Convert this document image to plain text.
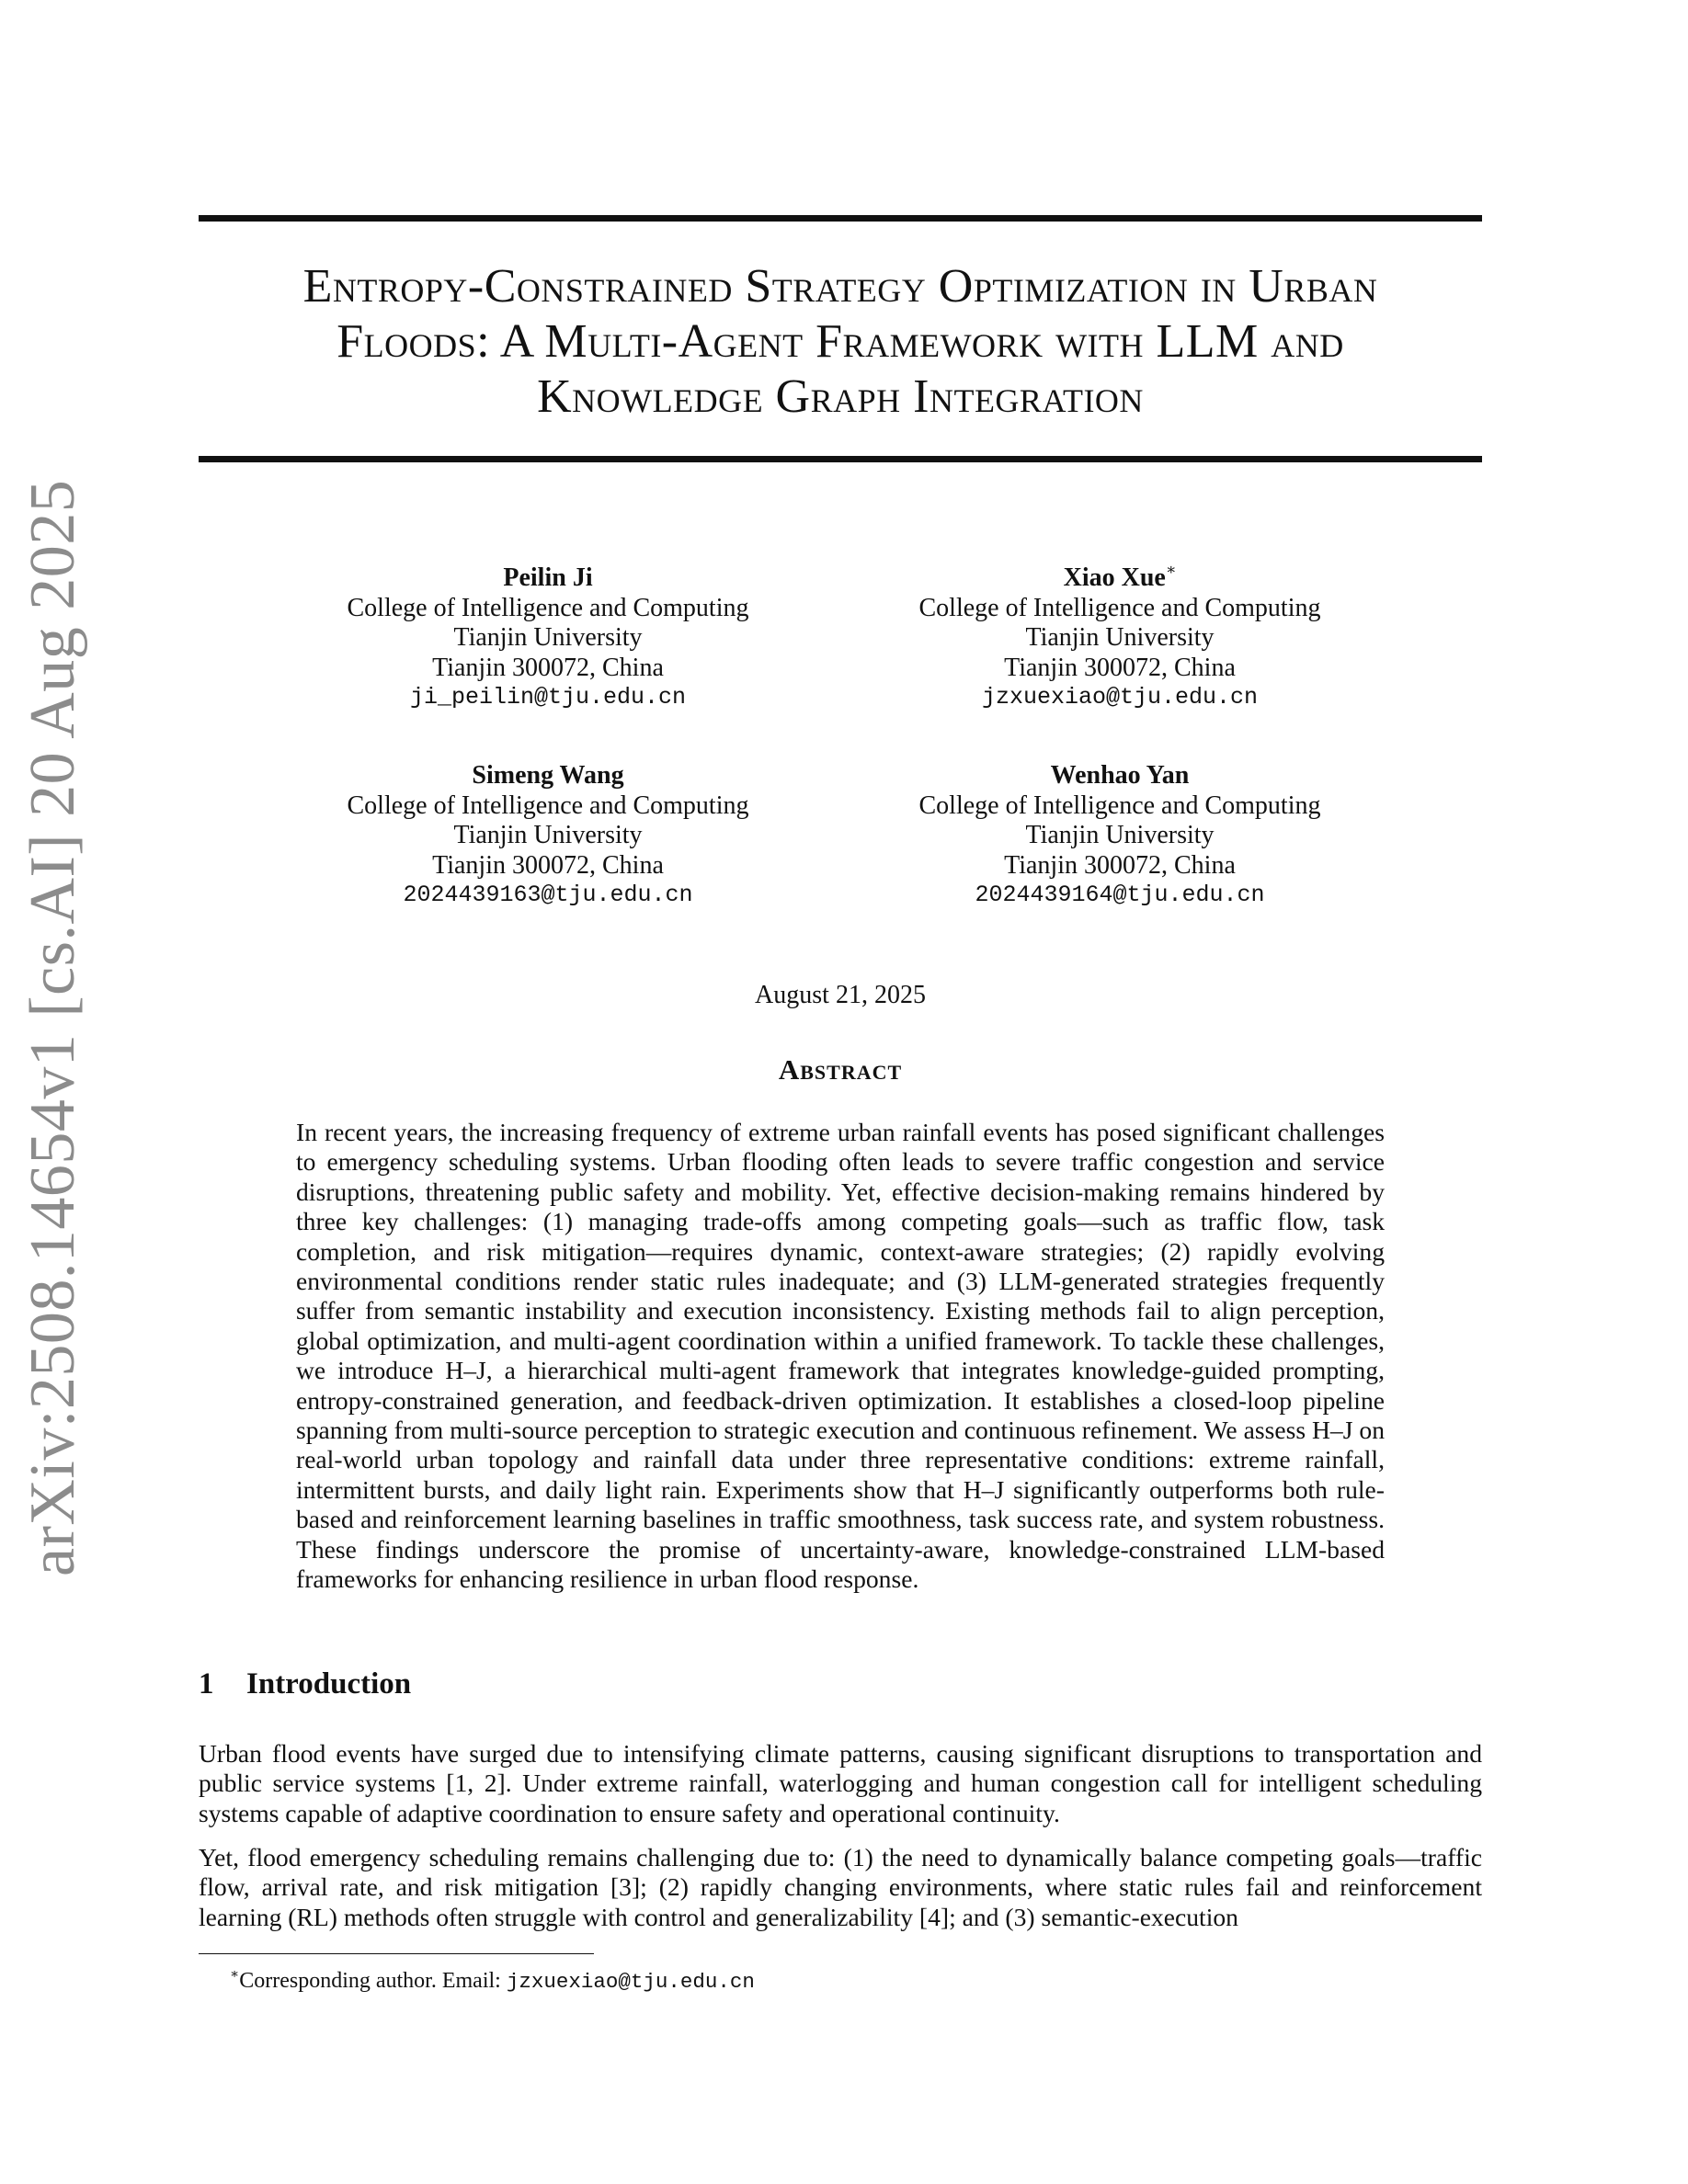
arXiv:2508.14654v1 [cs.AI] 20 Aug 2025
Entropy-Constrained Strategy Optimization in Urban
Floods: A Multi-Agent Framework with LLM and
Knowledge Graph Integration
Peilin Ji
College of Intelligence and Computing
Tianjin University
Tianjin 300072, China
ji_peilin@tju.edu.cn
Xiao Xue∗
College of Intelligence and Computing
Tianjin University
Tianjin 300072, China
jzxuexiao@tju.edu.cn
Simeng Wang
College of Intelligence and Computing
Tianjin University
Tianjin 300072, China
2024439163@tju.edu.cn
Wenhao Yan
College of Intelligence and Computing
Tianjin University
Tianjin 300072, China
2024439164@tju.edu.cn
August 21, 2025
Abstract

In recent years, the increasing frequency of extreme urban rainfall events has posed significant challenges to emergency scheduling systems. Urban flooding often leads to severe traffic congestion and service disruptions, threatening public safety and mobility. Yet, effective decision-making remains hindered by three key challenges: (1) managing trade-offs among competing goals—such as traffic flow, task completion, and risk mitigation—requires dynamic, context-aware strategies; (2) rapidly evolving environmental conditions render static rules inadequate; and (3) LLM-generated strategies frequently suffer from semantic instability and execution inconsistency. Existing methods fail to align perception, global optimization, and multi-agent coordination within a unified framework. To tackle these challenges, we introduce H–J, a hierarchical multi-agent framework that integrates knowledge-guided prompting, entropy-constrained generation, and feedback-driven optimization. It establishes a closed-loop pipeline spanning from multi-source perception to strategic execution and continuous refinement. We assess H–J on real-world urban topology and rainfall data under three representative conditions: extreme rainfall, intermittent bursts, and daily light rain. Experiments show that H–J significantly outperforms both rule-based and reinforcement learning baselines in traffic smoothness, task success rate, and system robustness. These findings underscore the promise of uncertainty-aware, knowledge-constrained LLM-based frameworks for enhancing resilience in urban flood response.

1 Introduction

Urban flood events have surged due to intensifying climate patterns, causing significant disruptions to transportation and public service systems [1, 2]. Under extreme rainfall, waterlogging and human congestion call for intelligent scheduling systems capable of adaptive coordination to ensure safety and operational continuity.

Yet, flood emergency scheduling remains challenging due to: (1) the need to dynamically balance competing goals—traffic flow, arrival rate, and risk mitigation [3]; (2) rapidly changing environments, where static rules fail and reinforcement learning (RL) methods often struggle with control and generalizability [4]; and (3) semantic-execution

∗Corresponding author. Email: jzxuexiao@tju.edu.cn
